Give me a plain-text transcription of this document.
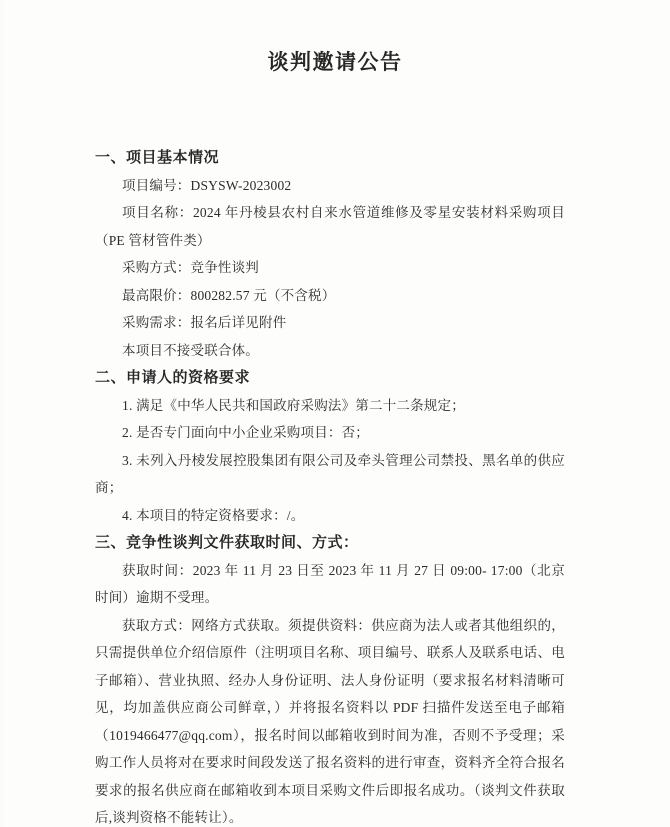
谈判邀请公告
一、项目基本情况

项目编号：DSYSW-2023002

项目名称：2024 年丹棱县农村自来水管道维修及零星安装材料采购项目（PE 管材管件类）

采购方式：竞争性谈判

最高限价：800282.57 元（不含税）

采购需求：报名后详见附件

本项目不接受联合体。

二、申请人的资格要求

1. 满足《中华人民共和国政府采购法》第二十二条规定；

2. 是否专门面向中小企业采购项目：否；

3. 未列入丹棱发展控股集团有限公司及牵头管理公司禁投、黑名单的供应商；

4. 本项目的特定资格要求：/。

三、竞争性谈判文件获取时间、方式：

获取时间：2023 年 11 月 23 日至 2023 年 11 月 27 日 09:00- 17:00（北京时间）逾期不受理。

获取方式：网络方式获取。须提供资料：供应商为法人或者其他组织的，只需提供单位介绍信原件（注明项目名称、项目编号、联系人及联系电话、电子邮箱）、营业执照、经办人身份证明、法人身份证明（要求报名材料清晰可见，均加盖供应商公司鲜章，）并将报名资料以 PDF 扫描件发送至电子邮箱（1019466477@qq.com），报名时间以邮箱收到时间为准，否则不予受理；采购工作人员将对在要求时间段发送了报名资料的进行审查，资料齐全符合报名要求的报名供应商在邮箱收到本项目采购文件后即报名成功。（谈判文件获取后,谈判资格不能转让）。
